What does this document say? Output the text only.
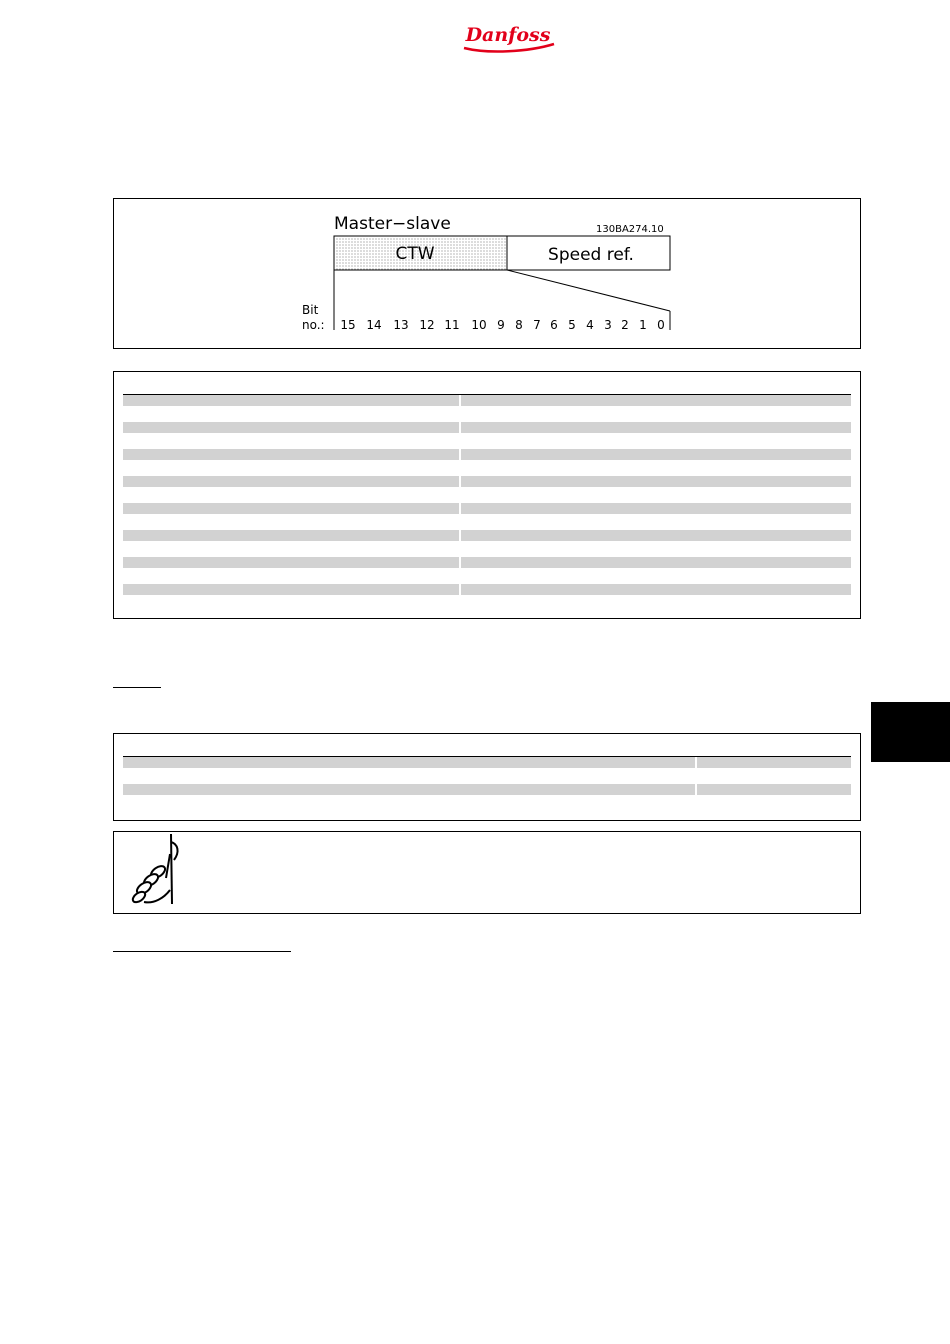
Danfoss
Master−slave	130BA274.10
CTW	Speed ref.
Bit
no.: 15 14 13 12 11 10 9 8 7 6 5 4 3 2 1 0
